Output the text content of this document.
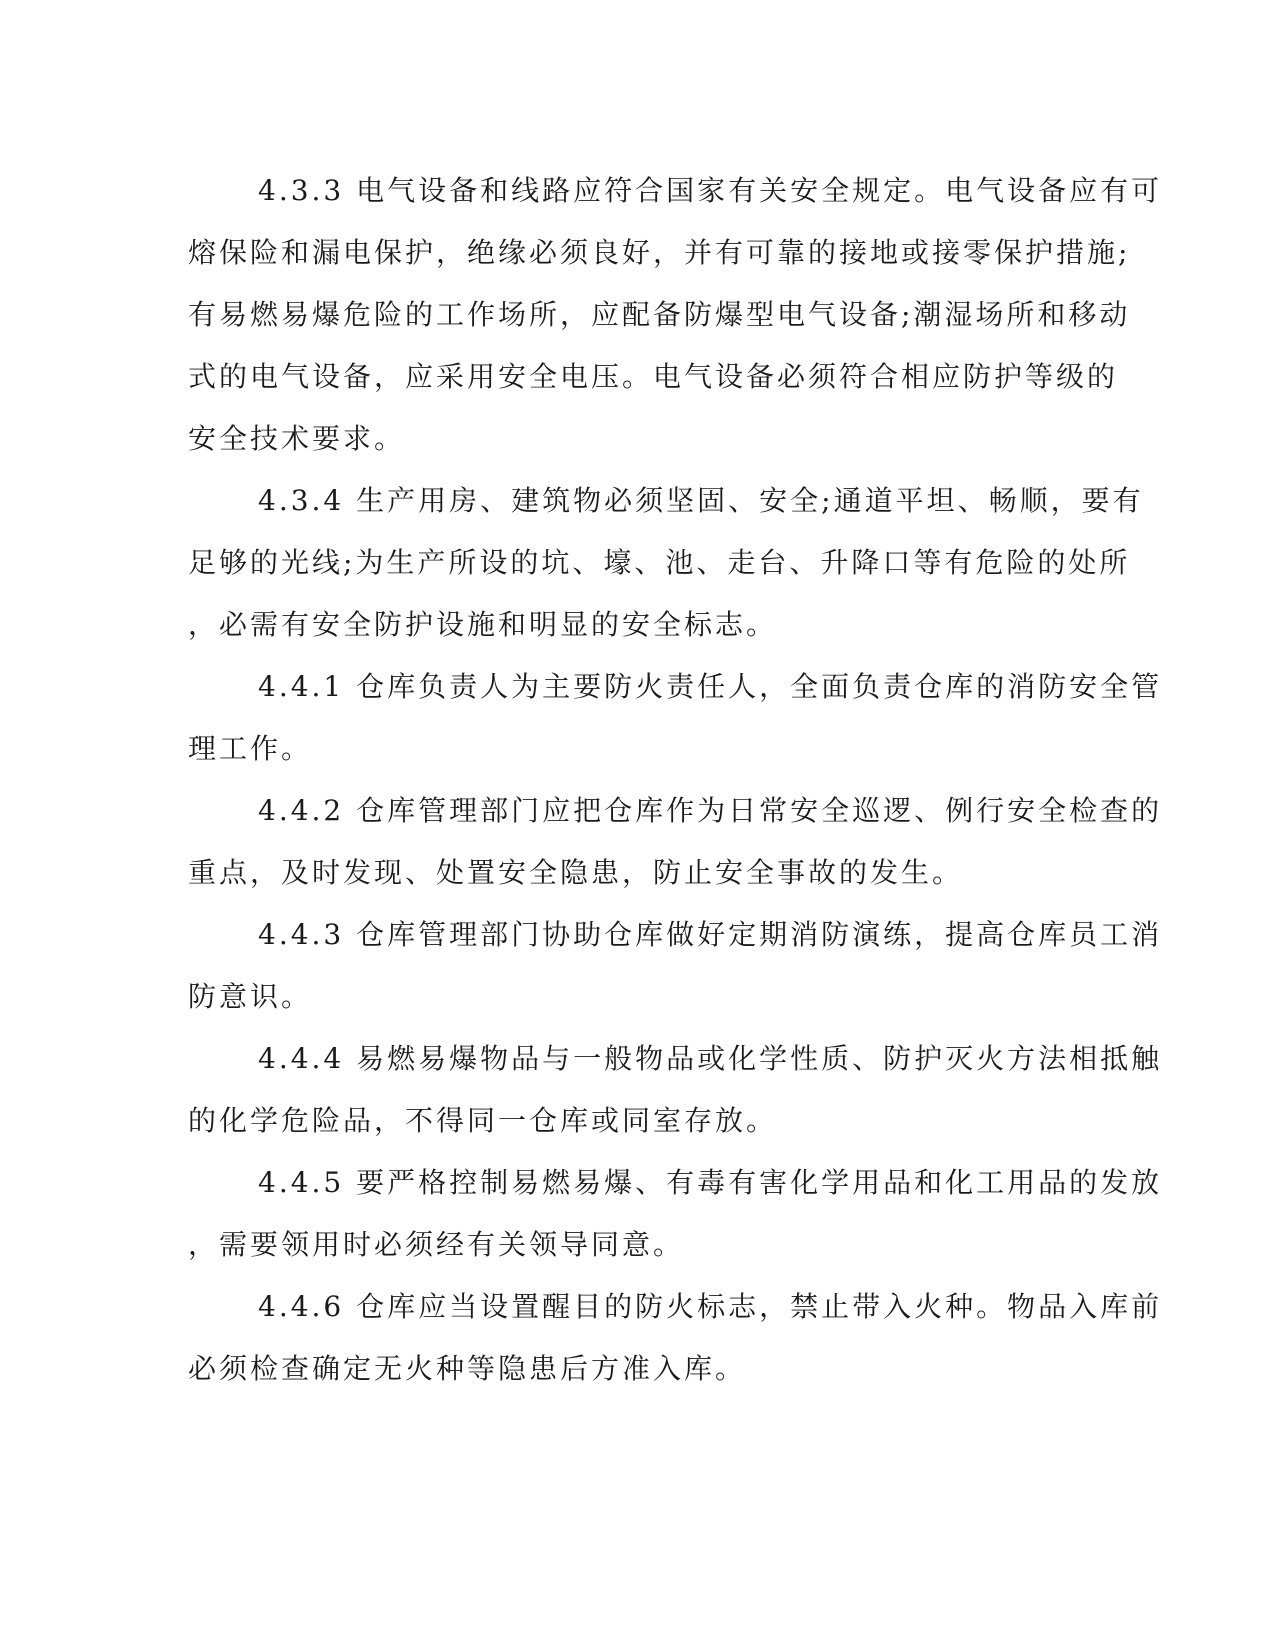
4.3.3 电气设备和线路应符合国家有关安全规定。电气设备应有可
熔保险和漏电保护，绝缘必须良好，并有可靠的接地或接零保护措施;
有易燃易爆危险的工作场所，应配备防爆型电气设备;潮湿场所和移动
式的电气设备，应采用安全电压。电气设备必须符合相应防护等级的
安全技术要求。
4.3.4 生产用房、建筑物必须坚固、安全;通道平坦、畅顺，要有
足够的光线;为生产所设的坑、壕、池、走台、升降口等有危险的处所
，必需有安全防护设施和明显的安全标志。
4.4.1 仓库负责人为主要防火责任人，全面负责仓库的消防安全管
理工作。
4.4.2 仓库管理部门应把仓库作为日常安全巡逻、例行安全检查的
重点，及时发现、处置安全隐患，防止安全事故的发生。
4.4.3 仓库管理部门协助仓库做好定期消防演练，提高仓库员工消
防意识。
4.4.4 易燃易爆物品与一般物品或化学性质、防护灭火方法相抵触
的化学危险品，不得同一仓库或同室存放。
4.4.5 要严格控制易燃易爆、有毒有害化学用品和化工用品的发放
，需要领用时必须经有关领导同意。
4.4.6 仓库应当设置醒目的防火标志，禁止带入火种。物品入库前
必须检查确定无火种等隐患后方准入库。
